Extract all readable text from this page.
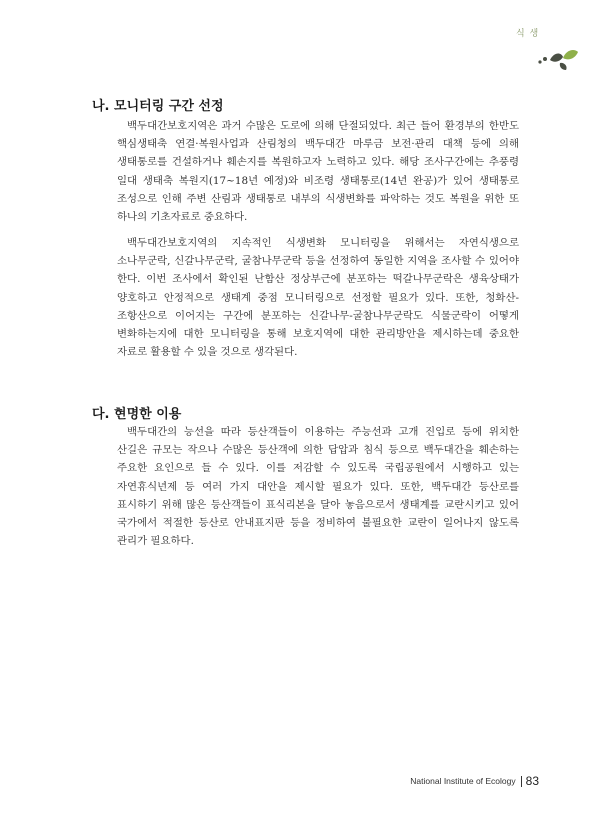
식 생
나. 모니터링 구간 선정
백두대간보호지역은 과거 수많은 도로에 의해 단절되었다. 최근 들어 환경부의 한반도 핵심생태축 연결·복원사업과 산림청의 백두대간 마루금 보전·관리 대책 등에 의해 생태통로를 건설하거나 훼손지를 복원하고자 노력하고 있다. 해당 조사구간에는 추풍령 일대 생태축 복원지(17~18년 예정)와 비조령 생태통로(14년 완공)가 있어 생태통로 조성으로 인해 주변 산림과 생태통로 내부의 식생변화를 파악하는 것도 복원을 위한 또 하나의 기초자료로 중요하다.
백두대간보호지역의 지속적인 식생변화 모니터링을 위해서는 자연식생으로 소나무군락, 신갈나무군락, 굴참나무군락 등을 선정하여 동일한 지역을 조사할 수 있어야 한다. 이번 조사에서 확인된 난함산 정상부근에 분포하는 떡갈나무군락은 생육상태가 양호하고 안정적으로 생태계 중점 모니터링으로 선정할 필요가 있다. 또한, 청화산-조항산으로 이어지는 구간에 분포하는 신갈나무-굴참나무군락도 식물군락이 어떻게 변화하는지에 대한 모니터링을 통해 보호지역에 대한 관리방안을 제시하는데 중요한 자료로 활용할 수 있을 것으로 생각된다.
다. 현명한 이용
백두대간의 능선을 따라 등산객들이 이용하는 주능선과 고개 진입로 등에 위치한 산길은 규모는 작으나 수많은 등산객에 의한 답압과 침식 등으로 백두대간을 훼손하는 주요한 요인으로 들 수 있다. 이를 저감할 수 있도록 국립공원에서 시행하고 있는 자연휴식년제 등 여러 가지 대안을 제시할 필요가 있다. 또한, 백두대간 등산로를 표시하기 위해 많은 등산객들이 표식리본을 달아 놓음으로서 생태계를 교란시키고 있어 국가에서 적절한 등산로 안내표지판 등을 정비하여 불필요한 교란이 일어나지 않도록 관리가 필요하다.
National Institute of Ecology 83
